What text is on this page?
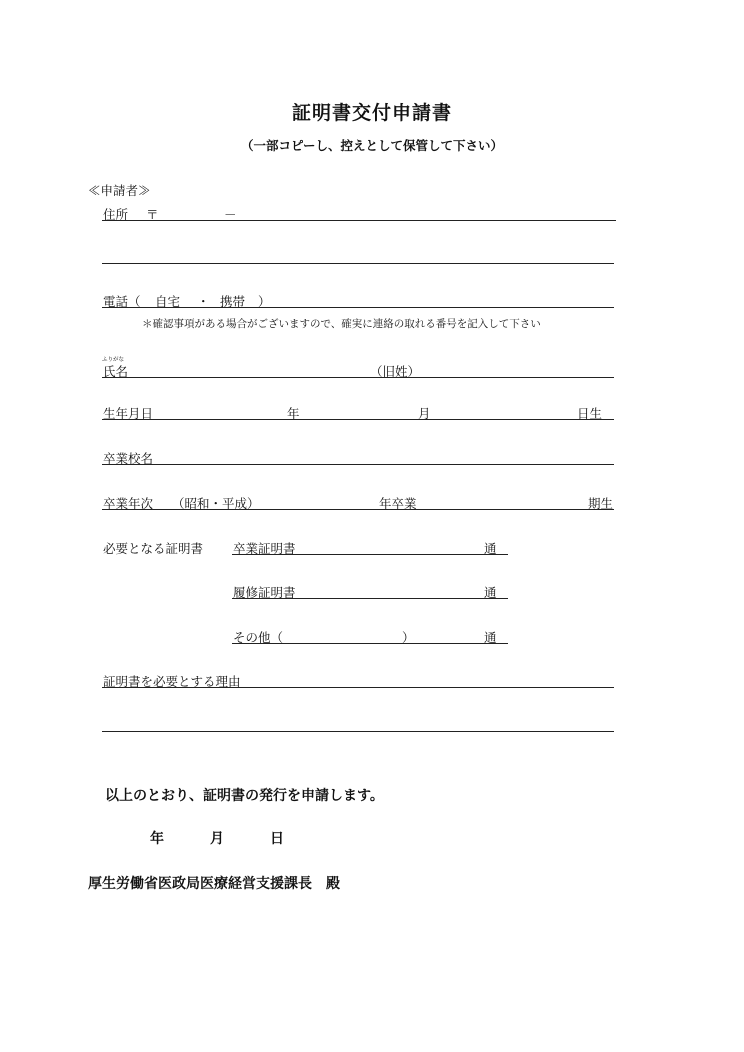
証明書交付申請書
（一部コピーし、控えとして保管して下さい）
≪申請者≫
住所 〒	－
電話（ 自宅 ・ 携帯 ）
＊確認事項がある場合がございますので、確実に連絡の取れる番号を記入して下さい
ふりがな
氏名	（旧姓）
生年月日	年	月	日生
卒業校名
卒業年次 （昭和・平成）	年卒業	期生
必要となる証明書 卒業証明書	通
履修証明書	通
その他（	）	通
証明書を必要とする理由
以上のとおり、証明書の発行を申請します。
年	月	日
厚生労働省医政局医療経営支援課長　殿
